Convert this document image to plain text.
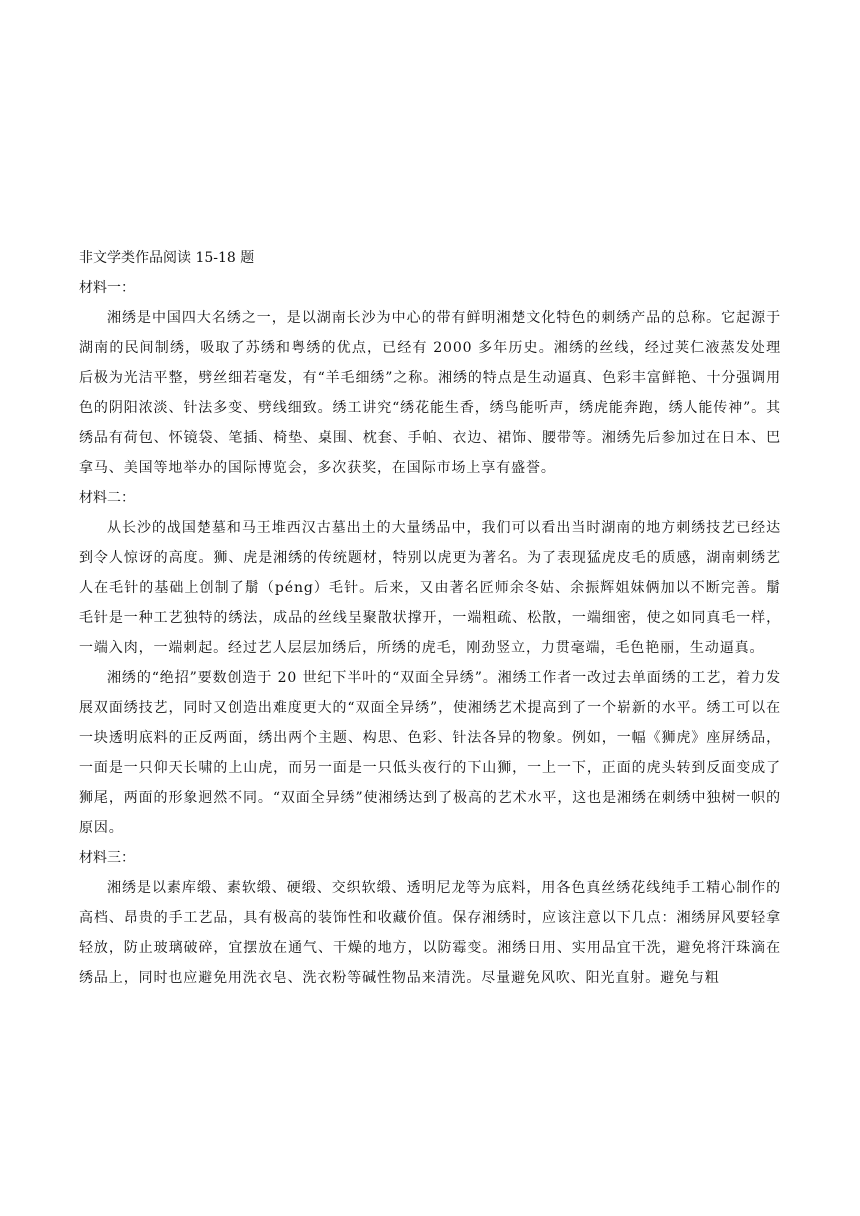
非文学类作品阅读 15-18 题
材料一：

湘绣是中国四大名绣之一，是以湖南长沙为中心的带有鲜明湘楚文化特色的刺绣产品的总称。它起源于湖南的民间制绣，吸取了苏绣和粤绣的优点，已经有 2000 多年历史。湘绣的丝线，经过荚仁液蒸发处理后极为光洁平整，劈丝细若毫发，有“羊毛细绣”之称。湘绣的特点是生动逼真、色彩丰富鲜艳、十分强调用色的阴阳浓淡、针法多变、劈线细致。绣工讲究“绣花能生香，绣鸟能听声，绣虎能奔跑，绣人能传神”。其绣品有荷包、怀镜袋、笔插、椅垫、桌围、枕套、手帕、衣边、裙饰、腰带等。湘绣先后参加过在日本、巴拿马、美国等地举办的国际博览会，多次获奖，在国际市场上享有盛誉。

材料二：

从长沙的战国楚墓和马王堆西汉古墓出土的大量绣品中，我们可以看出当时湖南的地方刺绣技艺已经达到令人惊讶的高度。狮、虎是湘绣的传统题材，特别以虎更为著名。为了表现猛虎皮毛的质感，湖南刺绣艺人在毛针的基础上创制了鬅（péng）毛针。后来，又由著名匠师余冬姑、余振辉姐妹俩加以不断完善。鬅毛针是一种工艺独特的绣法，成品的丝线呈聚散状撑开，一端粗疏、松散，一端细密，使之如同真毛一样，一端入肉，一端刺起。经过艺人层层加绣后，所绣的虎毛，刚劲竖立，力贯毫端，毛色艳丽，生动逼真。

湘绣的“绝招”要数创造于 20 世纪下半叶的“双面全异绣”。湘绣工作者一改过去单面绣的工艺，着力发展双面绣技艺，同时又创造出难度更大的“双面全异绣”，使湘绣艺术提高到了一个崭新的水平。绣工可以在一块透明底料的正反两面，绣出两个主题、构思、色彩、针法各异的物象。例如，一幅《狮虎》座屏绣品，一面是一只仰天长啸的上山虎，而另一面是一只低头夜行的下山狮，一上一下，正面的虎头转到反面变成了狮尾，两面的形象迥然不同。“双面全异绣”使湘绣达到了极高的艺术水平，这也是湘绣在刺绣中独树一帜的原因。

材料三：

湘绣是以素库缎、素软缎、硬缎、交织软缎、透明尼龙等为底料，用各色真丝绣花线纯手工精心制作的高档、昂贵的手工艺品，具有极高的装饰性和收藏价值。保存湘绣时，应该注意以下几点：湘绣屏风要轻拿轻放，防止玻璃破碎，宜摆放在通气、干燥的地方，以防霉变。湘绣日用、实用品宜干洗，避免将汗珠滴在绣品上，同时也应避免用洗衣皂、洗衣粉等碱性物品来清洗。尽量避免风吹、阳光直射。避免与粗
